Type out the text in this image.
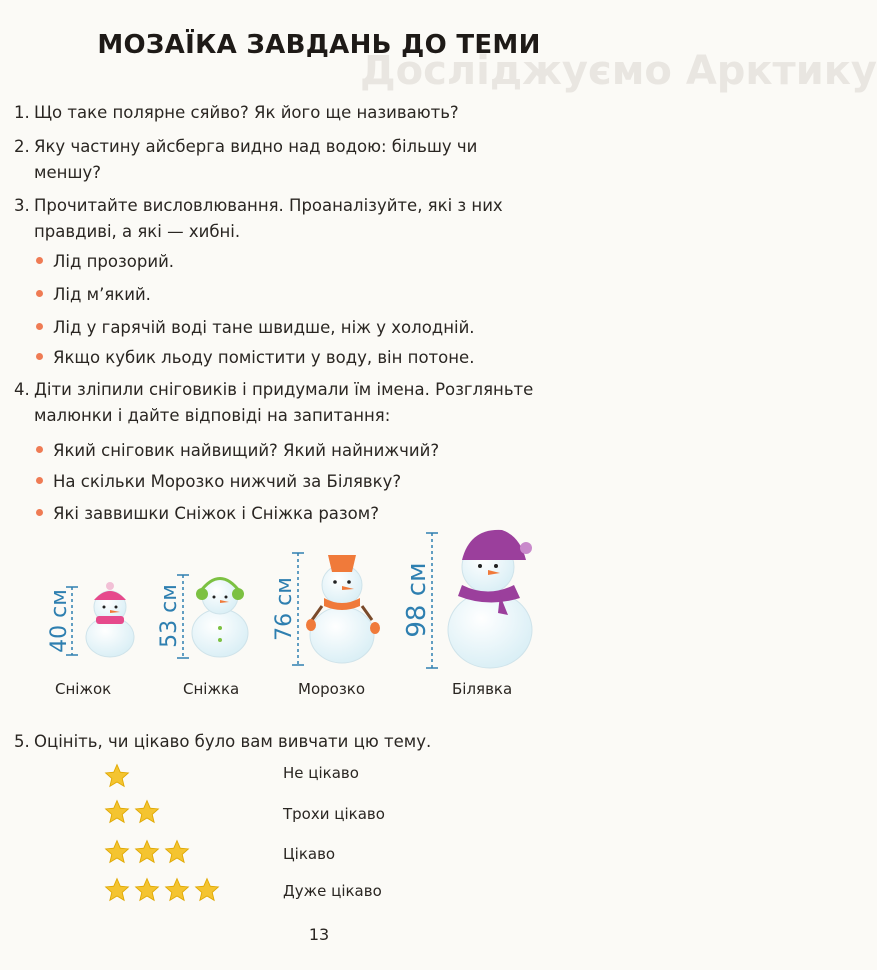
Досліджуємо Арктику
МОЗАЇКА ЗАВДАНЬ ДО ТЕМИ
1. Що таке полярне сяйво? Як його ще називають?
2. Яку частину айсберга видно над водою: більшу чи
меншу?
3. Прочитайте висловлювання. Проаналізуйте, які з них
правдиві, а які — хибні.
Лід прозорий.
Лід м’який.
Лід у гарячій воді тане швидше, ніж у холодній.
Якщо кубик льоду помістити у воду, він потоне.
4. Діти зліпили сніговиків і придумали їм імена. Розгляньте
малюнки і дайте відповіді на запитання:
Який сніговик найвищий? Який найнижчий?
На скільки Морозко нижчий за Білявку?
Які заввишки Сніжок і Сніжка разом?
40 см	53 см	76 см	98 см
Сніжок	Сніжка	Морозко	Білявка
5. Оцініть, чи цікаво було вам вивчати цю тему.
Не цікаво
Трохи цікаво
Цікаво
Дуже цікаво
13
